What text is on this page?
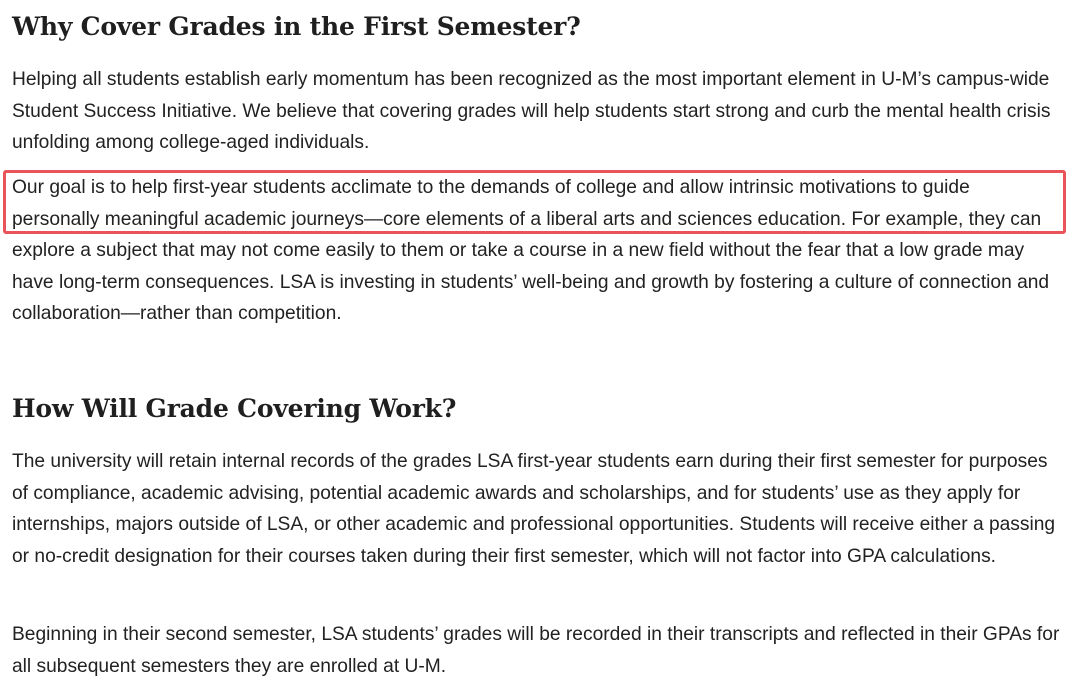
Why Cover Grades in the First Semester?

Helping all students establish early momentum has been recognized as the most important element in U-M’s campus-wide Student Success Initiative. We believe that covering grades will help students start strong and curb the mental health crisis unfolding among college-aged individuals.

Our goal is to help first-year students acclimate to the demands of college and allow intrinsic motivations to guide personally meaningful academic journeys—core elements of a liberal arts and sciences education. For example, they can explore a subject that may not come easily to them or take a course in a new field without the fear that a low grade may have long-term consequences. LSA is investing in students’ well-being and growth by fostering a culture of connection and collaboration—rather than competition.

How Will Grade Covering Work?

The university will retain internal records of the grades LSA first-year students earn during their first semester for purposes of compliance, academic advising, potential academic awards and scholarships, and for students’ use as they apply for internships, majors outside of LSA, or other academic and professional opportunities. Students will receive either a passing or no-credit designation for their courses taken during their first semester, which will not factor into GPA calculations.

Beginning in their second semester, LSA students’ grades will be recorded in their transcripts and reflected in their GPAs for all subsequent semesters they are enrolled at U-M.
